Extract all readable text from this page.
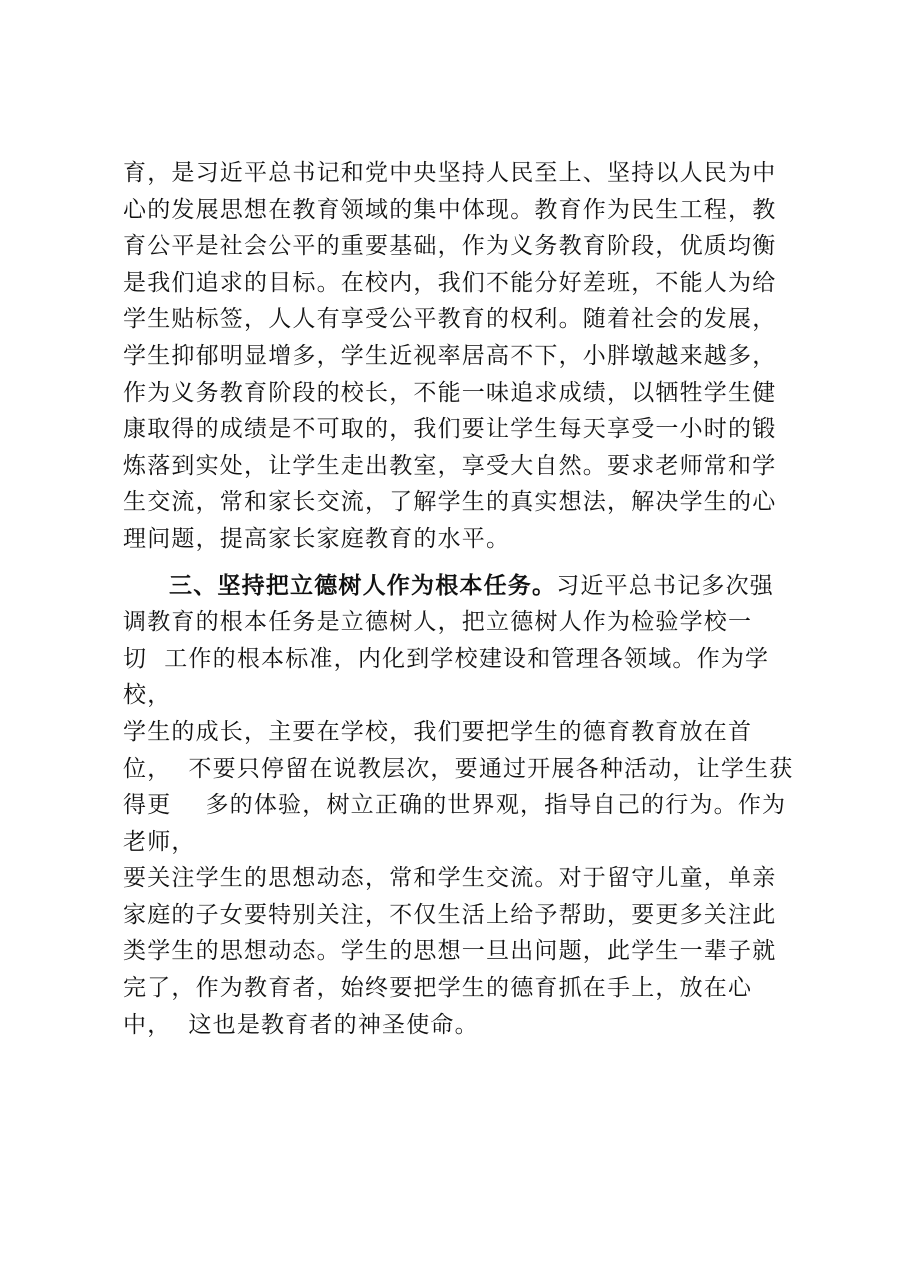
育，是习近平总书记和党中央坚持人民至上、坚持以人民为中
心的发展思想在教育领域的集中体现。教育作为民生工程，教
育公平是社会公平的重要基础，作为义务教育阶段，优质均衡
是我们追求的目标。在校内，我们不能分好差班，不能人为给
学生贴标签，人人有享受公平教育的权利。随着社会的发展，
学生抑郁明显增多，学生近视率居高不下，小胖墩越来越多，
作为义务教育阶段的校长，不能一味追求成绩，以牺牲学生健
康取得的成绩是不可取的，我们要让学生每天享受一小时的锻
炼落到实处，让学生走出教室，享受大自然。要求老师常和学
生交流，常和家长交流，了解学生的真实想法，解决学生的心
理问题，提高家长家庭教育的水平。
三、坚持把立德树人作为根本任务。习近平总书记多次强
调教育的根本任务是立德树人，把立德树人作为检验学校一
切  工作的根本标准，内化到学校建设和管理各领域。作为学
校，
学生的成长，主要在学校，我们要把学生的德育教育放在首
位，  不要只停留在说教层次，要通过开展各种活动，让学生获
得更    多的体验，树立正确的世界观，指导自己的行为。作为
老师，
要关注学生的思想动态，常和学生交流。对于留守儿童，单亲
家庭的子女要特别关注，不仅生活上给予帮助，要更多关注此
类学生的思想动态。学生的思想一旦出问题，此学生一辈子就
完了，作为教育者，始终要把学生的德育抓在手上，放在心
中，  这也是教育者的神圣使命。
